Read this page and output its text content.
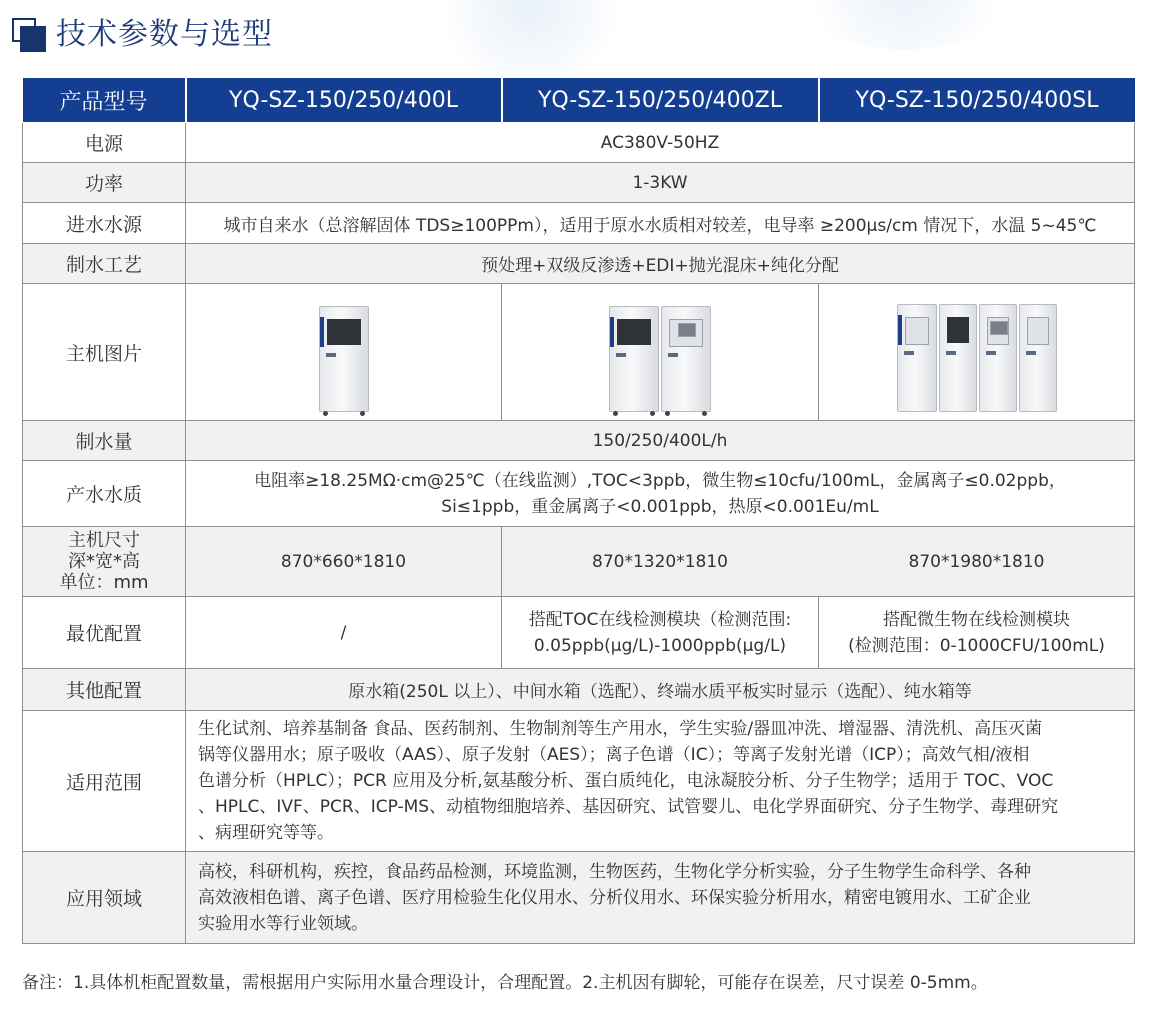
技术参数与选型
产品型号	YQ-SZ-150/250/400L	YQ-SZ-150/250/400ZL	YQ-SZ-150/250/400SL
电源	AC380V-50HZ		
功率	1-3KW		
进水水源	城市自来水（总溶解固体 TDS≥100PPm），适用于原水水质相对较差，电导率 ≥200μs/cm 情况下，水温 5~45℃		
制水工艺	预处理+双级反渗透+EDI+抛光混床+纯化分配		
主机图片	

制水量	150/250/400L/h		
产水水质	电阻率≥18.25MΩ·cm@25℃（在线监测）,TOC<3ppb，微生物≤10cfu/100mL，金属离子≤0.02ppb，
Si≤1ppb，重金属离子<0.001ppb，热原<0.001Eu/mL		

主机尺寸
深*宽*高
单位：mm	870*660*1810	870*1320*1810	870*1980*1810
最优配置	/	搭配TOC在线检测模块（检测范围:
0.05ppb(μg/L)-1000ppb(μg/L)	搭配微生物在线检测模块
(检测范围：0-1000CFU/100mL)

其他配置	原水箱(250L 以上）、中间水箱（选配）、终端水质平板实时显示（选配）、纯水箱等		
适用范围	生化试剂、培养基制备 食品、医药制剂、生物制剂等生产用水，学生实验/器皿冲洗、增湿器、清洗机、高压灭菌
锅等仪器用水；原子吸收（AAS）、原子发射（AES）；离子色谱（IC）；等离子发射光谱（ICP）；高效气相/液相
色谱分析（HPLC）；PCR 应用及分析,氨基酸分析、蛋白质纯化，电泳凝胶分析、分子生物学；适用于 TOC、VOC
、HPLC、IVF、PCR、ICP-MS、动植物细胞培养、基因研究、试管婴儿、电化学界面研究、分子生物学、毒理研究
、病理研究等等。		

应用领域	高校，科研机构，疾控，食品药品检测，环境监测，生物医药，生物化学分析实验，分子生物学生命科学、各种
高效液相色谱、离子色谱、医疗用检验生化仪用水、分析仪用水、环保实验分析用水，精密电镀用水、工矿企业
实验用水等行业领域。		
备注：1.具体机柜配置数量，需根据用户实际用水量合理设计，合理配置。2.主机因有脚轮，可能存在误差，尺寸误差 0-5mm。
